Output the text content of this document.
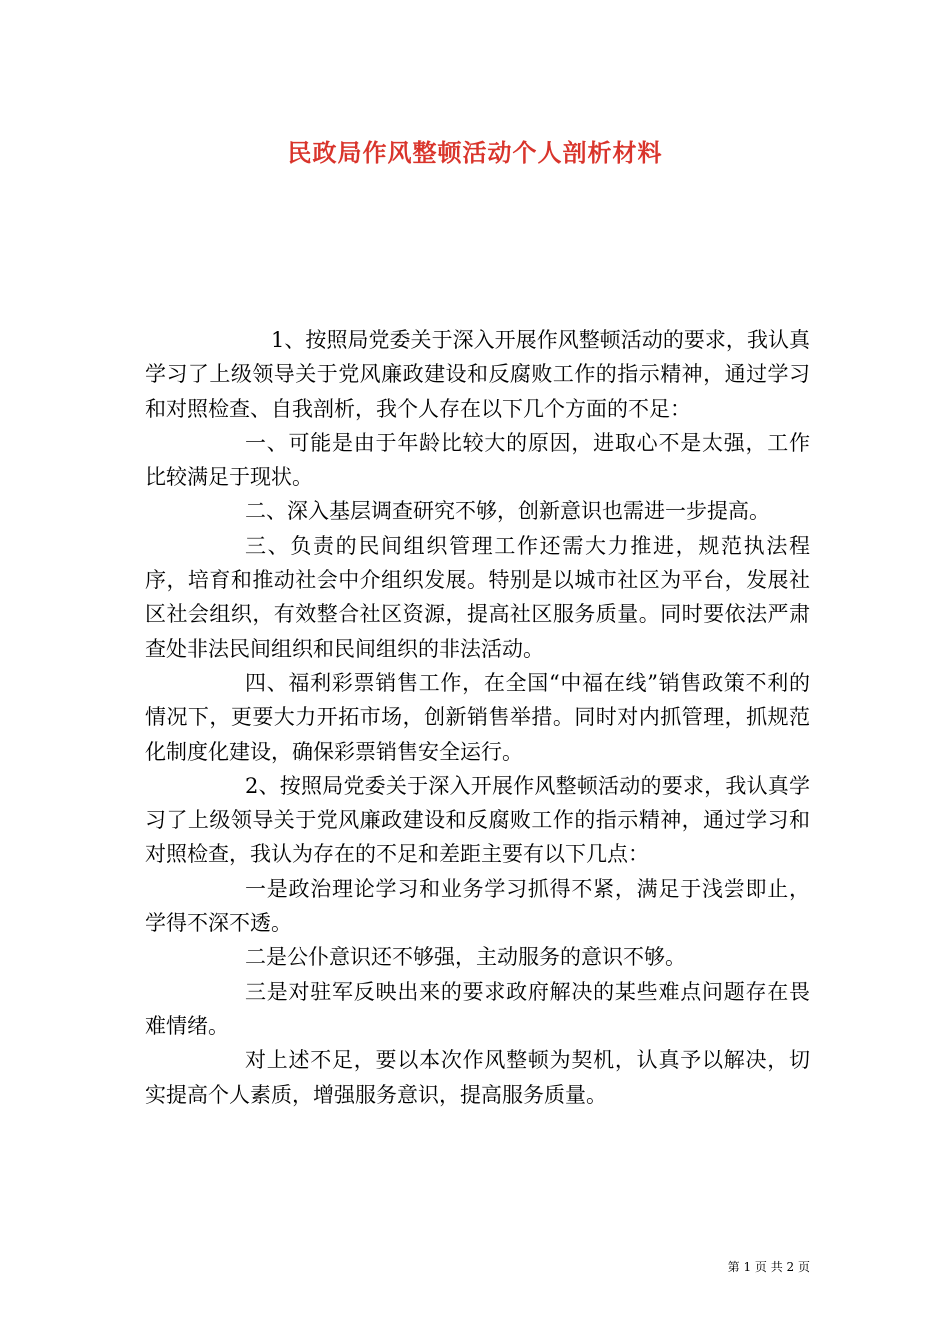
民政局作风整顿活动个人剖析材料

1、按照局党委关于深入开展作风整顿活动的要求，我认真学习了上级领导关于党风廉政建设和反腐败工作的指示精神，通过学习和对照检查、自我剖析，我个人存在以下几个方面的不足：

一、可能是由于年龄比较大的原因，进取心不是太强，工作比较满足于现状。

二、深入基层调查研究不够，创新意识也需进一步提高。

三、负责的民间组织管理工作还需大力推进，规范执法程序，培育和推动社会中介组织发展。特别是以城市社区为平台，发展社区社会组织，有效整合社区资源，提高社区服务质量。同时要依法严肃查处非法民间组织和民间组织的非法活动。

四、福利彩票销售工作，在全国“中福在线”销售政策不利的情况下，更要大力开拓市场，创新销售举措。同时对内抓管理，抓规范化制度化建设，确保彩票销售安全运行。

2、按照局党委关于深入开展作风整顿活动的要求，我认真学习了上级领导关于党风廉政建设和反腐败工作的指示精神，通过学习和对照检查，我认为存在的不足和差距主要有以下几点：

一是政治理论学习和业务学习抓得不紧，满足于浅尝即止，学得不深不透。

二是公仆意识还不够强，主动服务的意识不够。

三是对驻军反映出来的要求政府解决的某些难点问题存在畏难情绪。

对上述不足，要以本次作风整顿为契机，认真予以解决，切实提高个人素质，增强服务意识，提高服务质量。

第 1 页 共 2 页
